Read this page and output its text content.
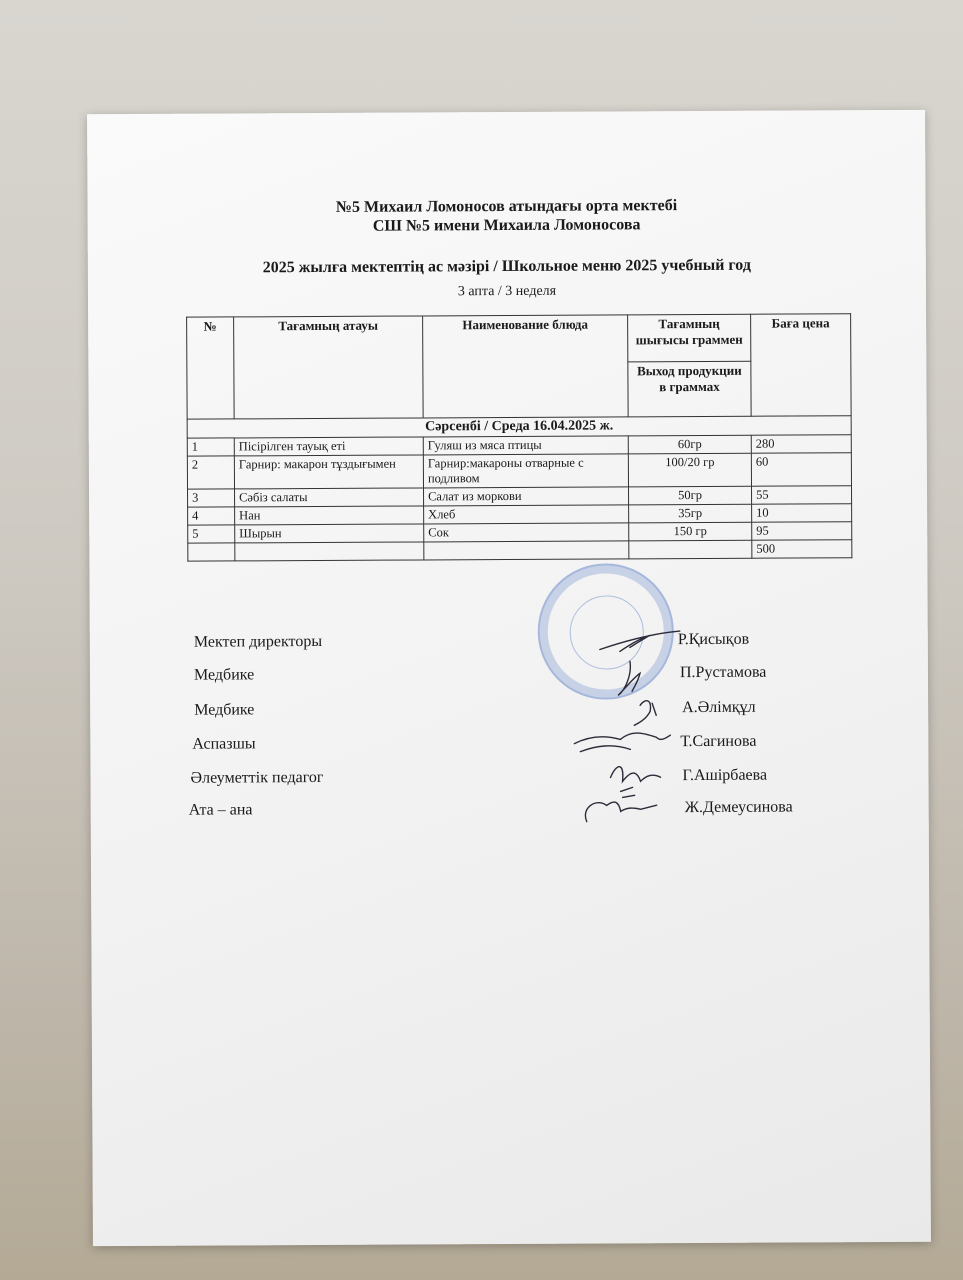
№5 Михаил Ломоносов атындағы орта мектебі
СШ №5 имени Михаила Ломоносова
2025 жылға мектептің ас мәзірі / Школьное меню 2025 учебный год
3 апта / 3 неделя
№	Тағамның атауы	Наименование блюда	Тағамның шығысы граммен	Баға цена
			Выход продукции в граммах	
Сәрсенбі / Среда 16.04.2025 ж.				
1	Пісірілген тауық еті	Гуляш из мяса птицы	60гр	280
2	Гарнир: макарон тұздығымен	Гарнир:макароны отварные с подливом	100/20 гр	60
3	Сәбіз салаты	Салат из моркови	50гр	55
4	Нан	Хлеб	35гр	10
5	Шырын	Сок	150 гр	95
				500
Мектеп директоры	Р.Қисықов
Медбике	П.Рустамова
Медбике	А.Әлімқұл
Аспазшы	Т.Сагинова
Әлеуметтік педагог	Г.Ашірбаева
Ата – ана	Ж.Демеусинова
